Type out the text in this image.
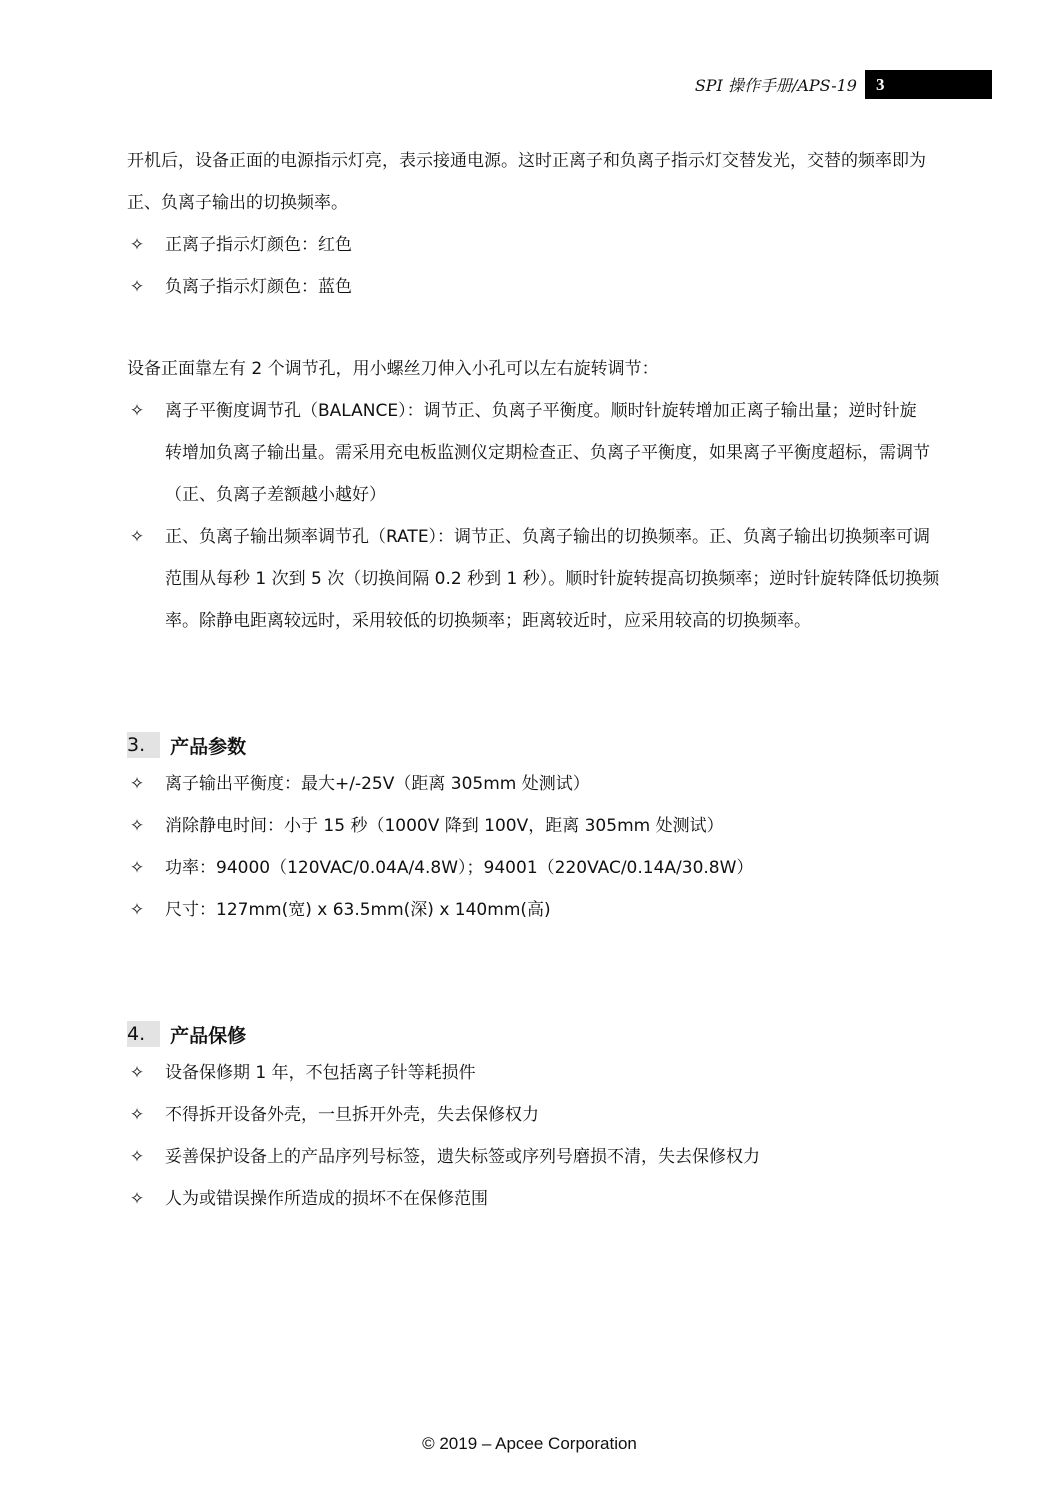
SPI 操作手册/APS-19	3

开机后，设备正面的电源指示灯亮，表示接通电源。这时正离子和负离子指示灯交替发光，交替的频率即为

正、负离子输出的切换频率。

✧ 正离子指示灯颜色：红色
✧ 负离子指示灯颜色：蓝色

设备正面靠左有 2 个调节孔，用小螺丝刀伸入小孔可以左右旋转调节：

✧ 离子平衡度调节孔（BALANCE）：调节正、负离子平衡度。顺时针旋转增加正离子输出量；逆时针旋
转增加负离子输出量。需采用充电板监测仪定期检查正、负离子平衡度，如果离子平衡度超标，需调节
（正、负离子差额越小越好）
✧ 正、负离子输出频率调节孔（RATE）：调节正、负离子输出的切换频率。正、负离子输出切换频率可调
范围从每秒 1 次到 5 次（切换间隔 0.2 秒到 1 秒）。顺时针旋转提高切换频率；逆时针旋转降低切换频
率。除静电距离较远时，采用较低的切换频率；距离较近时，应采用较高的切换频率。
3.	产品参数
✧ 离子输出平衡度：最大+/-25V（距离 305mm 处测试）
✧ 消除静电时间：小于 15 秒（1000V 降到 100V，距离 305mm 处测试）
✧ 功率：94000（120VAC/0.04A/4.8W）；94001（220VAC/0.14A/30.8W）
✧ 尺寸：127mm(宽) x 63.5mm(深) x 140mm(高)
4.	产品保修
✧ 设备保修期 1 年，不包括离子针等耗损件
✧ 不得拆开设备外壳，一旦拆开外壳，失去保修权力
✧ 妥善保护设备上的产品序列号标签，遗失标签或序列号磨损不清，失去保修权力
✧ 人为或错误操作所造成的损坏不在保修范围
© 2019 – Apcee Corporation
